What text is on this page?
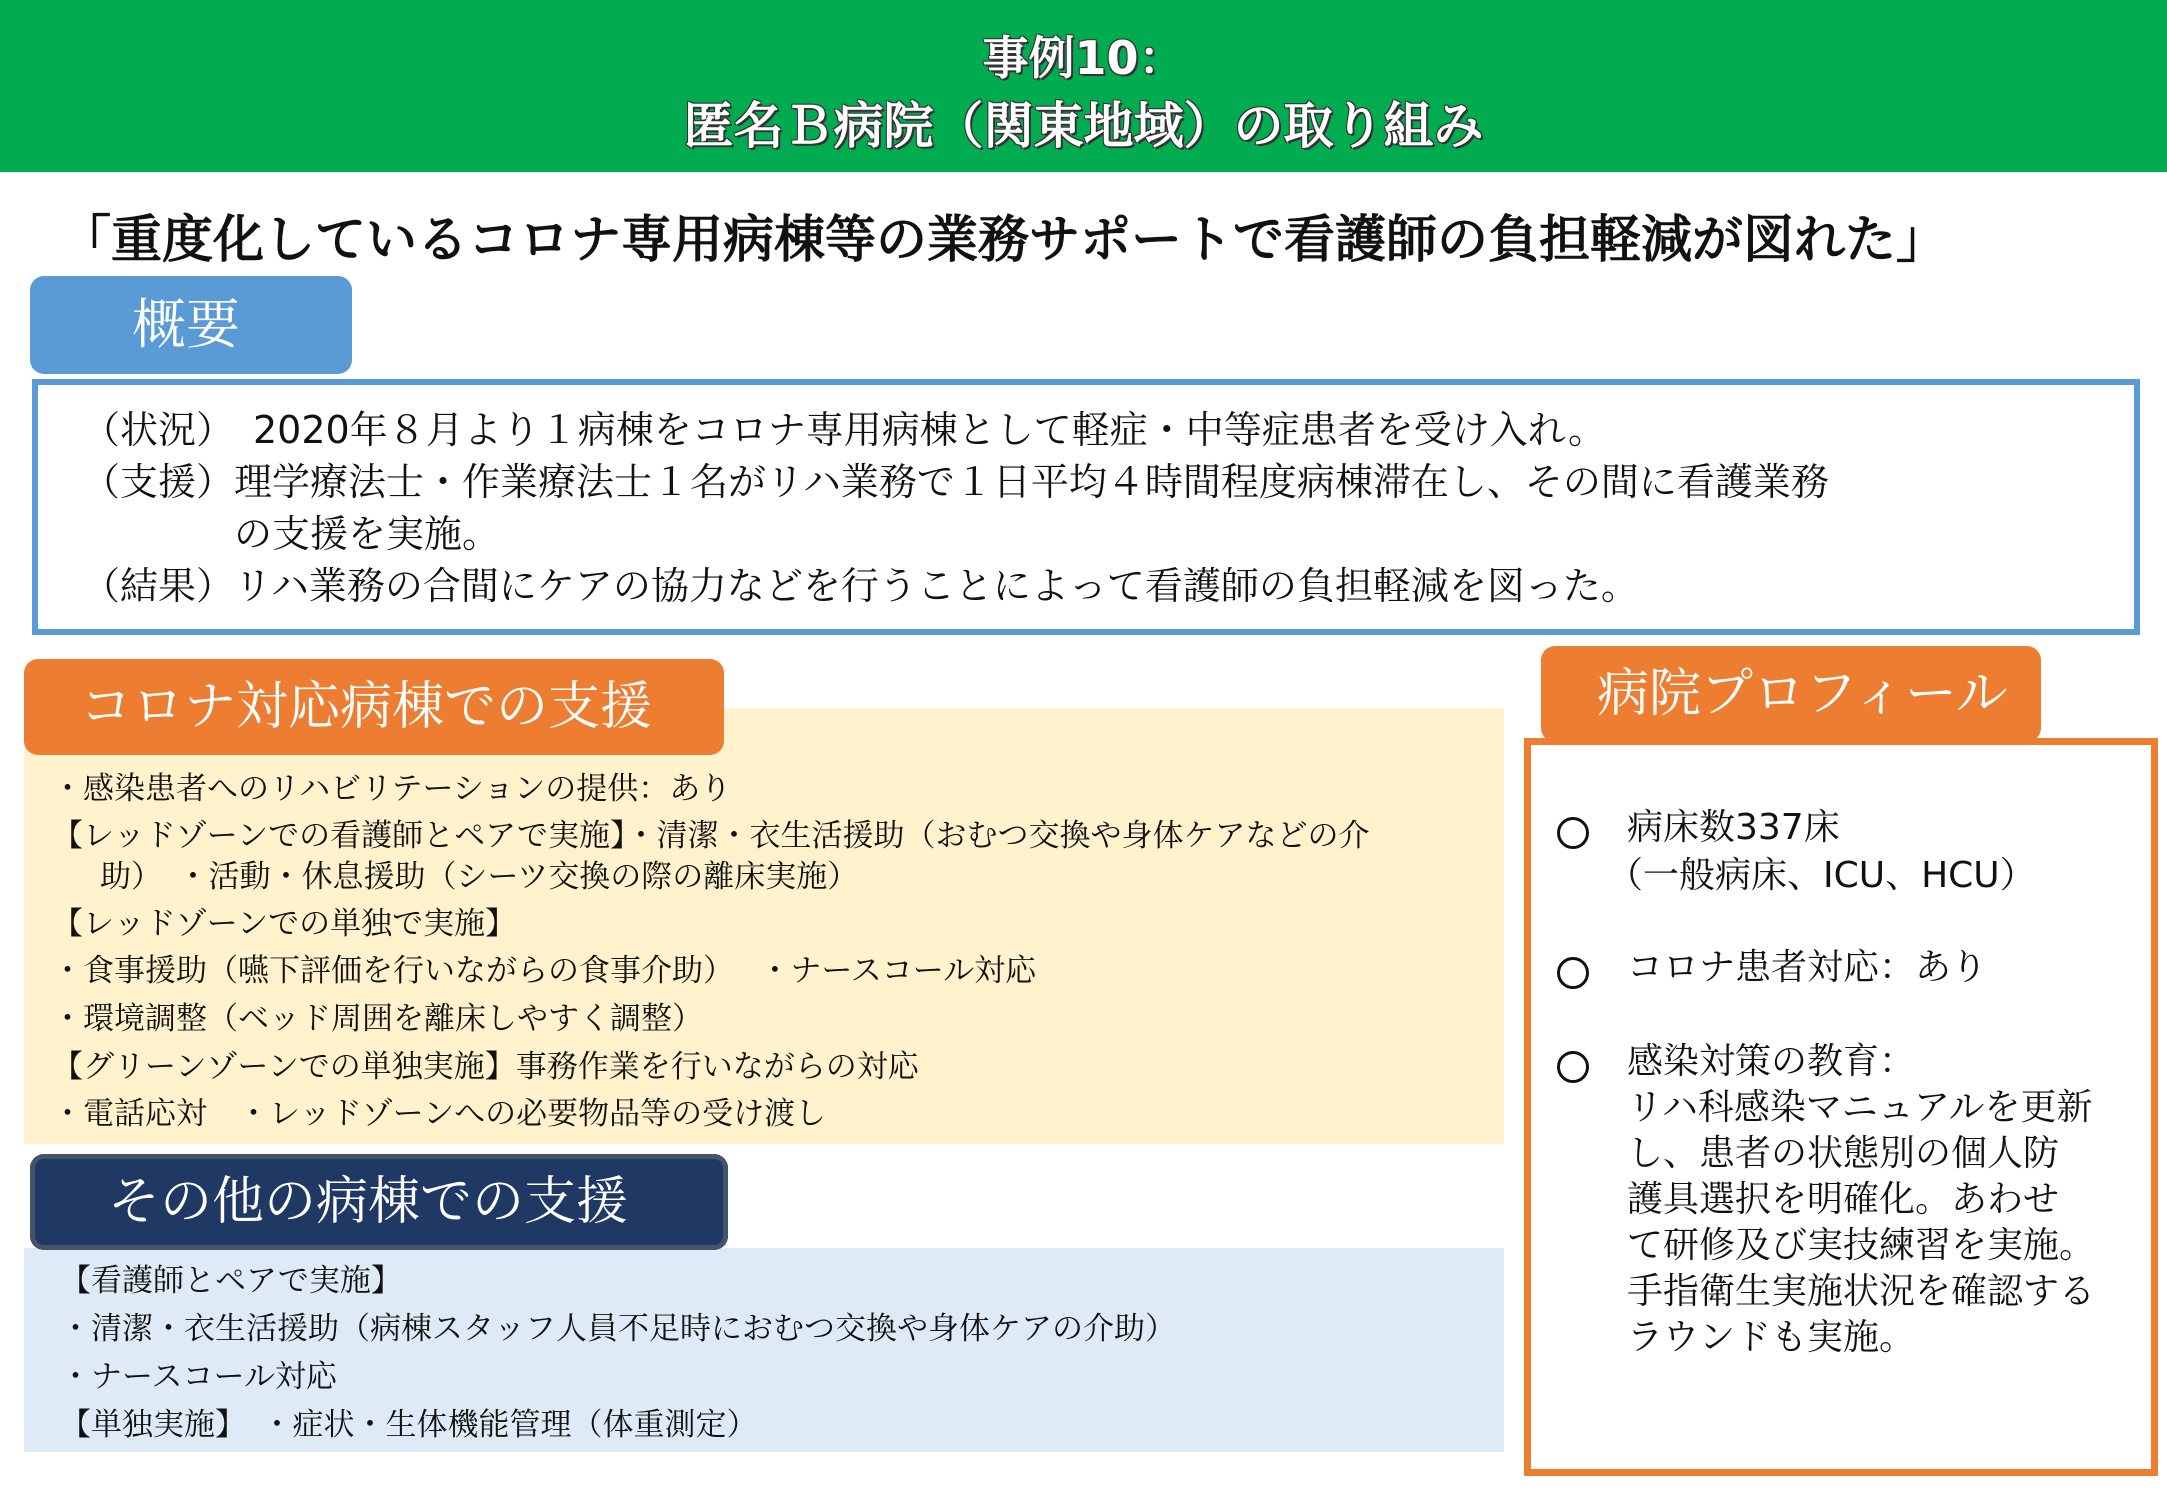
事例10：
匿名Ｂ病院（関東地域）の取り組み
「重度化しているコロナ専用病棟等の業務サポートで看護師の負担軽減が図れた」
概要
（状況）　2020年８月より１病棟をコロナ専用病棟として軽症・中等症患者を受け入れ。
（支援）理学療法士・作業療法士１名がリハ業務で１日平均４時間程度病棟滞在し、その間に看護業務
の支援を実施。
（結果）リハ業務の合間にケアの協力などを行うことによって看護師の負担軽減を図った。
・感染患者へのリハビリテーションの提供：あり
【レッドゾーンでの看護師とペアで実施】・清潔・衣生活援助（おむつ交換や身体ケアなどの介
助）　・活動・休息援助（シーツ交換の際の離床実施）
【レッドゾーンでの単独で実施】
・食事援助（嚥下評価を行いながらの食事介助）　 ・ナースコール対応
・環境調整（ベッド周囲を離床しやすく調整）
【グリーンゾーンでの単独実施】事務作業を行いながらの対応
・電話応対　・レッドゾーンへの必要物品等の受け渡し
コロナ対応病棟での支援
【看護師とペアで実施】
・清潔・衣生活援助（病棟スタッフ人員不足時におむつ交換や身体ケアの介助）
・ナースコール対応
【単独実施】　・症状・生体機能管理（体重測定）
その他の病棟での支援
病床数337床
（一般病床、ICU、HCU）
コロナ患者対応：あり
感染対策の教育：
リハ科感染マニュアルを更新
し、患者の状態別の個人防
護具選択を明確化。あわせ
て研修及び実技練習を実施。
手指衛生実施状況を確認する
ラウンドも実施。
病院プロフィール
